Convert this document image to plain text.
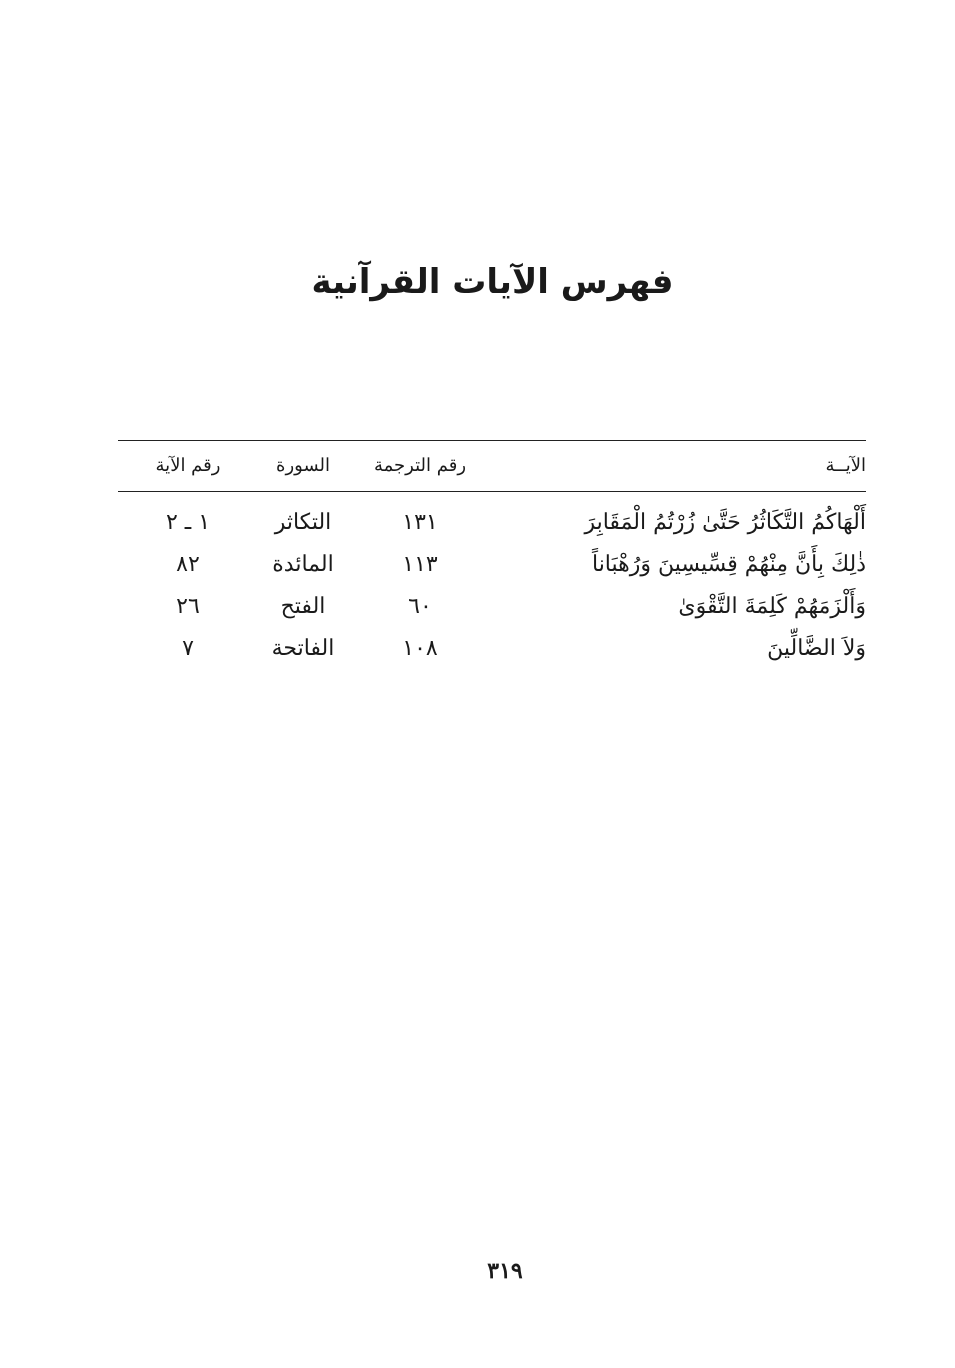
فهرس الآيات القرآنية
الآيــة
رقم الترجمة
السورة
رقم الآية
أَلْهَاكُمُ التَّكَاثُرُ حَتَّىٰ زُرْتُمُ الْمَقَابِرَ
١٣١
التكاثر
١ ـ ٢
ذٰلِكَ بِأَنَّ مِنْهُمْ قِسِّيسِينَ وَرُهْبَاناً
١١٣
المائدة
٨٢
وَأَلْزَمَهُمْ كَلِمَةَ التَّقْوَىٰ
٦٠
الفتح
٢٦
وَلاَ الضَّالِّينَ
١٠٨
الفاتحة
٧
٣١٩
